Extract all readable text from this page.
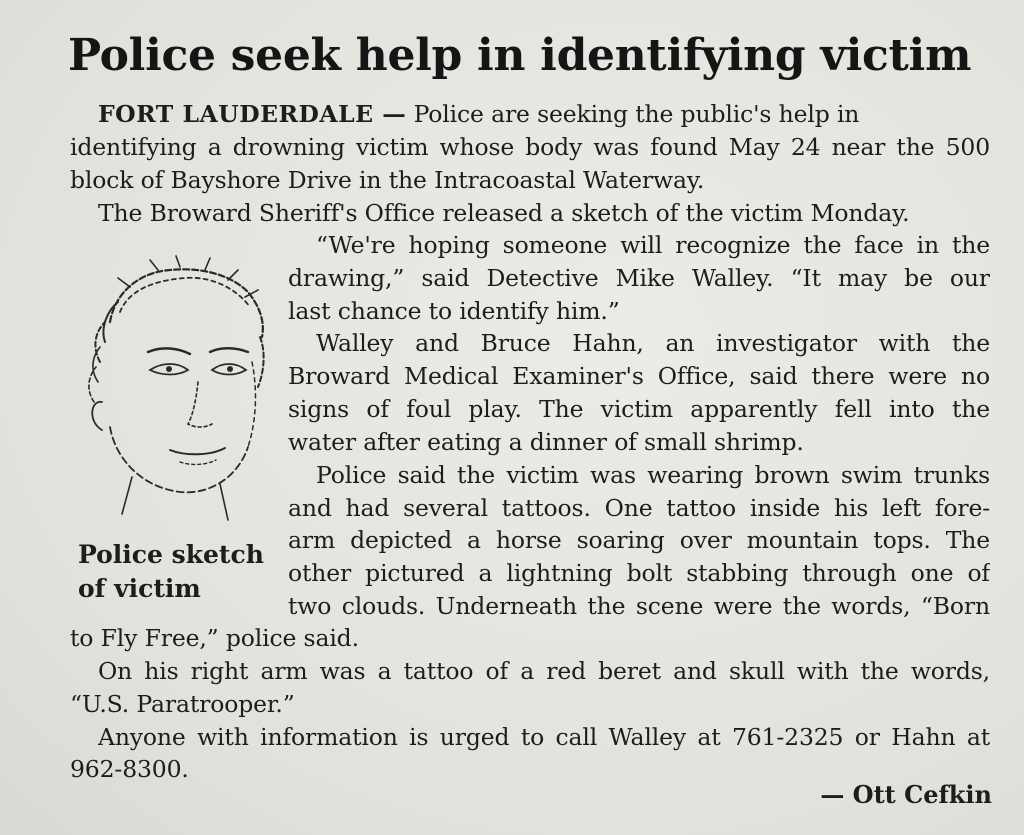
Police seek help in identifying victim
FORT LAUDERDALE — Police are seeking the public's help in
identifying a drowning victim whose body was found May 24 near the 500
block of Bayshore Drive in the Intracoastal Waterway.
The Broward Sheriff's Office released a sketch of the victim Monday.
“We're hoping someone will recognize the face in the
drawing,” said Detective Mike Walley. “It may be our
last chance to identify him.”
Walley and Bruce Hahn, an investigator with the
Broward Medical Examiner's Office, said there were no
signs of foul play. The victim apparently fell into the
water after eating a dinner of small shrimp.
Police said the victim was wearing brown swim trunks
and had several tattoos. One tattoo inside his left fore-
arm depicted a horse soaring over mountain tops. The
other pictured a lightning bolt stabbing through one of
two clouds. Underneath the scene were the words, “Born
to Fly Free,” police said.
On his right arm was a tattoo of a red beret and skull with the words,
“U.S. Paratrooper.”
Anyone with information is urged to call Walley at 761-2325 or Hahn at
962-8300.
Police sketch
of victim
— Ott Cefkin
